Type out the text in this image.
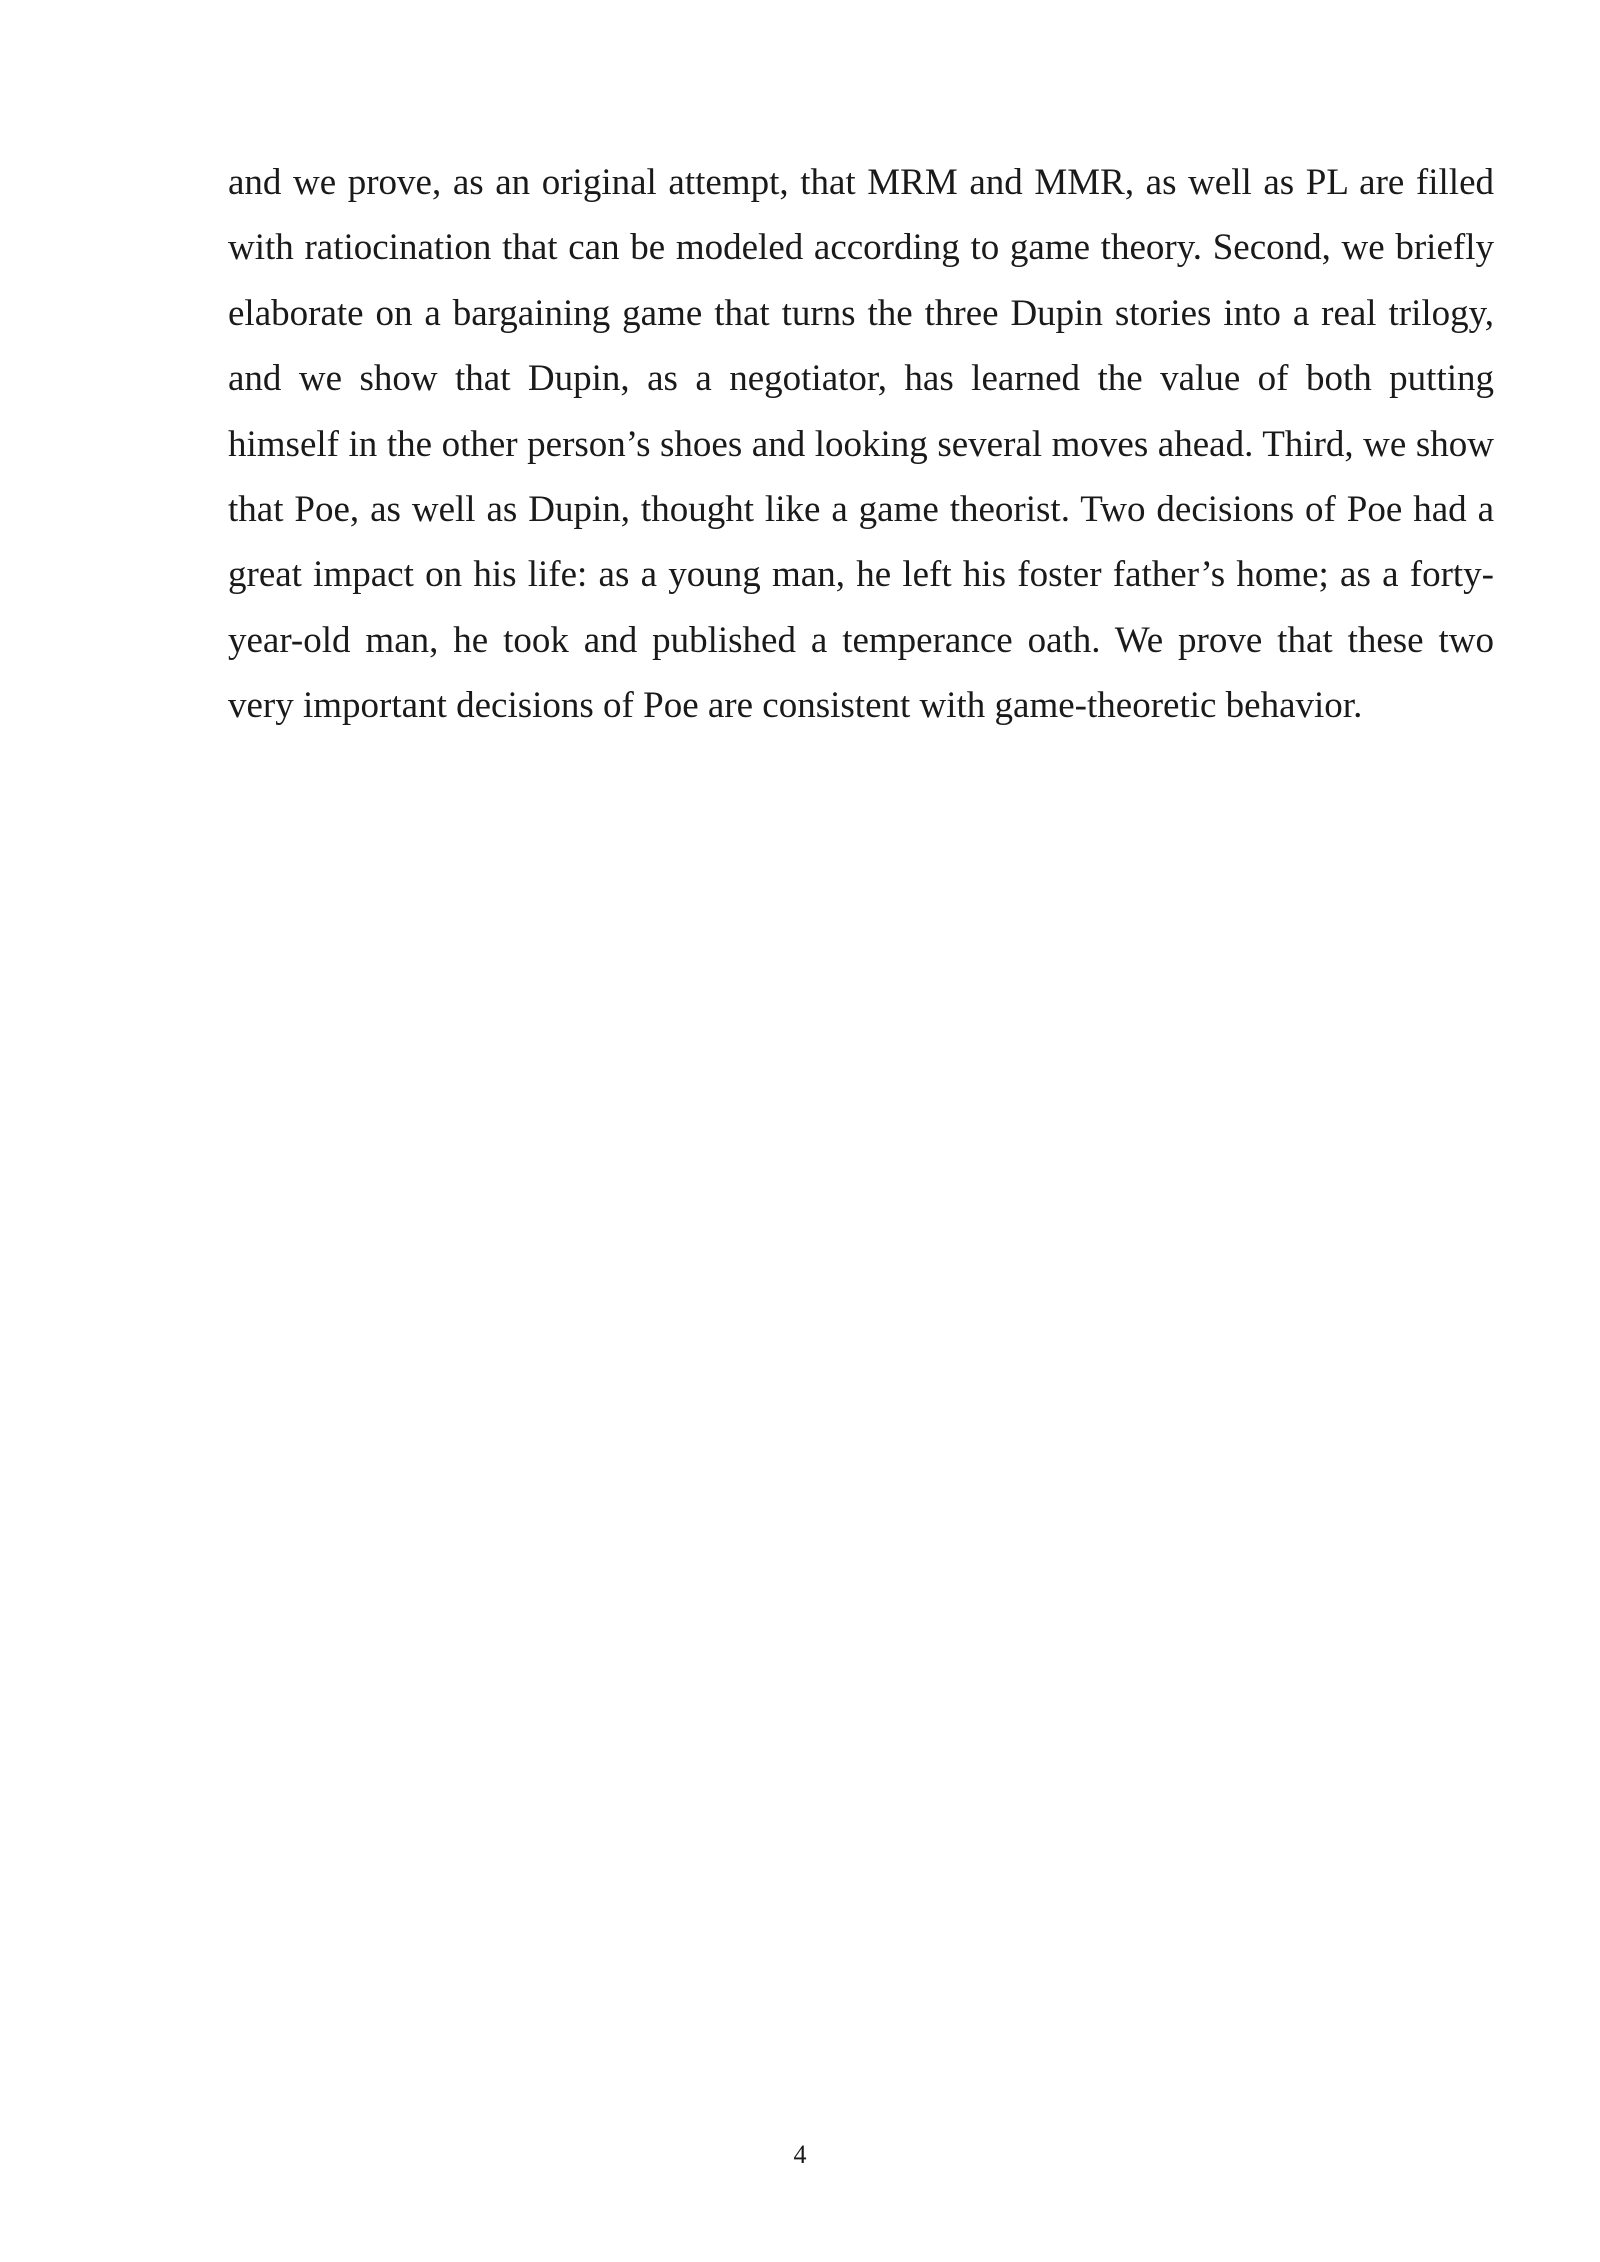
and we prove, as an original attempt, that MRM and MMR, as well as PL are filled with ratiocination that can be modeled according to game theory. Second, we briefly elaborate on a bargaining game that turns the three Dupin stories into a real trilogy, and we show that Dupin, as a negotiator, has learned the value of both putting himself in the other person’s shoes and looking several moves ahead. Third, we show that Poe, as well as Dupin, thought like a game theorist. Two decisions of Poe had a great impact on his life: as a young man, he left his foster father’s home; as a forty-year-old man, he took and published a temperance oath. We prove that these two very important decisions of Poe are consistent with game-theoretic behavior.

4
